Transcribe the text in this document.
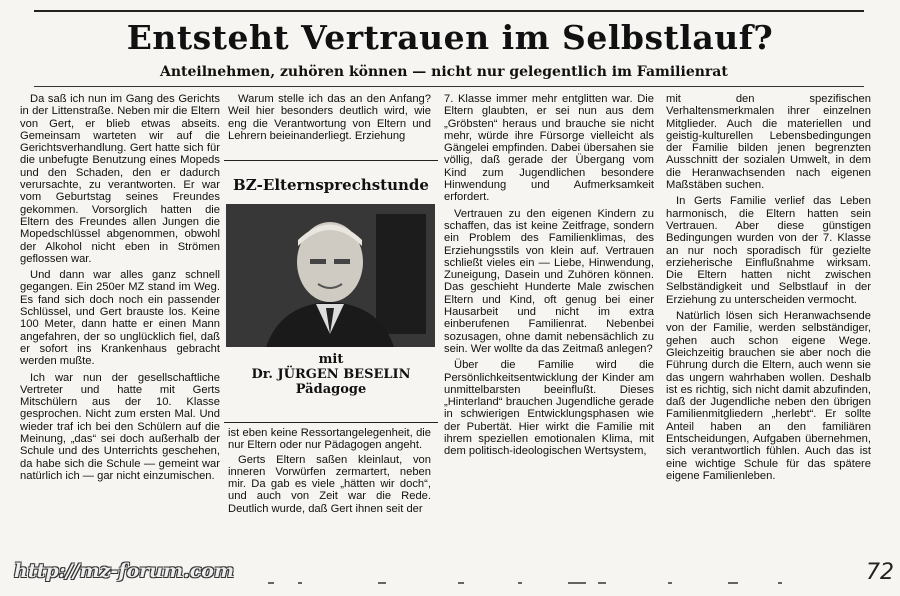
Entsteht Vertrauen im Selbstlauf?
Anteilnehmen, zuhören können — nicht nur gelegentlich im Familienrat

Da saß ich nun im Gang des Gerichts in der Littenstraße. Neben mir die Eltern von Gert, er blieb etwas abseits. Gemeinsam warteten wir auf die Gerichtsverhandlung. Gert hatte sich für die unbefugte Benutzung eines Mopeds und den Schaden, den er dadurch verursachte, zu verantworten. Er war vom Geburtstag seines Freundes gekommen. Vorsorglich hatten die Eltern des Freundes allen Jungen die Mopedschlüssel abgenommen, obwohl der Alkohol nicht eben in Strömen geflossen war.

Und dann war alles ganz schnell gegangen. Ein 250er MZ stand im Weg. Es fand sich doch noch ein passender Schlüssel, und Gert brauste los. Keine 100 Meter, dann hatte er einen Mann angefahren, der so unglücklich fiel, daß er sofort ins Krankenhaus gebracht werden mußte.

Ich war nun der gesellschaftliche Vertreter und hatte mit Gerts Mitschülern aus der 10. Klasse gesprochen. Nicht zum ersten Mal. Und wieder traf ich bei den Schülern auf die Meinung, „das“ sei doch außerhalb der Schule und des Unterrichts geschehen, da habe sich die Schule — gemeint war natürlich ich — gar nicht einzumischen.

Warum stelle ich das an den Anfang? Weil hier besonders deutlich wird, wie eng die Verantwortung von Eltern und Lehrern beieinanderliegt. Erziehung

BZ-Elternsprechstunde
mit
Dr. JÜRGEN BESELIN
Pädagoge

ist eben keine Ressortangelegenheit, die nur Eltern oder nur Pädagogen angeht.

Gerts Eltern saßen kleinlaut, von inneren Vorwürfen zermartert, neben mir. Da gab es viele „hätten wir doch“, und auch von Zeit war die Rede. Deutlich wurde, daß Gert ihnen seit der

7. Klasse immer mehr entglitten war. Die Eltern glaubten, er sei nun aus dem „Gröbsten“ heraus und brauche sie nicht mehr, würde ihre Fürsorge vielleicht als Gängelei empfinden. Dabei übersahen sie völlig, daß gerade der Übergang vom Kind zum Jugendlichen besondere Hinwendung und Aufmerksamkeit erfordert.

Vertrauen zu den eigenen Kindern zu schaffen, das ist keine Zeitfrage, sondern ein Problem des Familienklimas, des Erziehungsstils von klein auf. Vertrauen schließt vieles ein — Liebe, Hinwendung, Zuneigung, Dasein und Zuhören können. Das geschieht Hunderte Male zwischen Eltern und Kind, oft genug bei einer Hausarbeit und nicht im extra einberufenen Familienrat. Nebenbei sozusagen, ohne damit nebensächlich zu sein. Wer wollte da das Zeitmaß anlegen?

Über die Familie wird die Persönlichkeitsentwicklung der Kinder am unmittelbarsten beeinflußt. Dieses „Hinterland“ brauchen Jugendliche gerade in schwierigen Entwicklungsphasen wie der Pubertät. Hier wirkt die Familie mit ihrem speziellen emotionalen Klima, mit dem politisch-ideologischen Wertsystem,

mit den spezifischen Verhaltensmerkmalen ihrer einzelnen Mitglieder. Auch die materiellen und geistig-kulturellen Lebensbedingungen der Familie bilden jenen begrenzten Ausschnitt der sozialen Umwelt, in dem die Heranwachsenden nach eigenen Maßstäben suchen.

In Gerts Familie verlief das Leben harmonisch, die Eltern hatten sein Vertrauen. Aber diese günstigen Bedingungen wurden von der 7. Klasse an nur noch sporadisch für gezielte erzieherische Einflußnahme wirksam. Die Eltern hatten nicht zwischen Selbständigkeit und Selbstlauf in der Erziehung zu unterscheiden vermocht.

Natürlich lösen sich Heranwachsende von der Familie, werden selbständiger, gehen auch schon eigene Wege. Gleichzeitig brauchen sie aber noch die Führung durch die Eltern, auch wenn sie das ungern wahrhaben wollen. Deshalb ist es richtig, sich nicht damit abzufinden, daß der Jugendliche neben den übrigen Familienmitgliedern „herlebt“. Er sollte Anteil haben an den familiären Entscheidungen, Aufgaben übernehmen, sich verantwortlich fühlen. Auch das ist eine wichtige Schule für das spätere eigene Familienleben.

http://mz-forum.com	72
